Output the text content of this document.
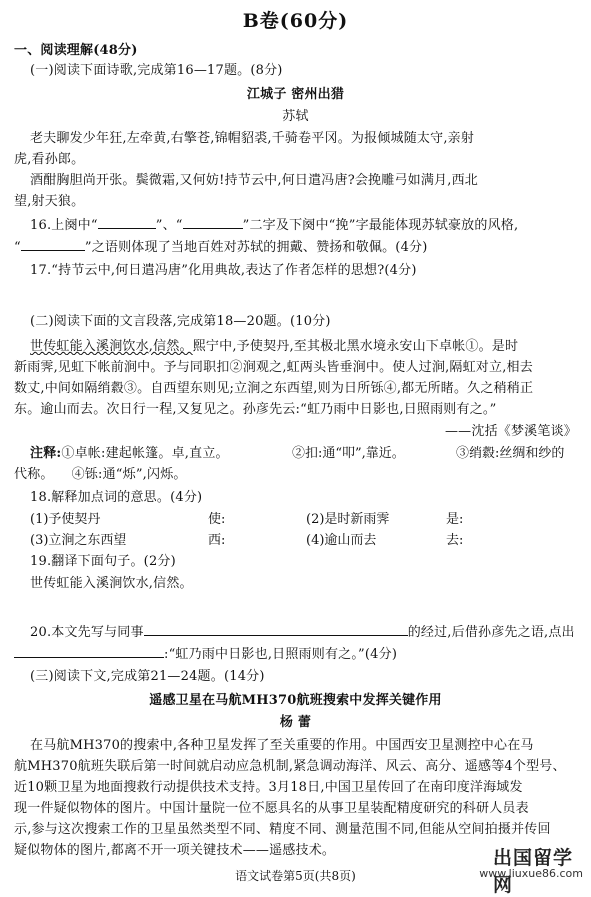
B卷(60分)
一、阅读理解(48分)
(一)阅读下面诗歌,完成第16—17题。(8分)
江城子 密州出猎
苏轼
老夫聊发少年狂,左牵黄,右擎苍,锦帽貂裘,千骑卷平冈。为报倾城随太守,亲射
虎,看孙郎。
酒酣胸胆尚开张。鬓微霜,又何妨!持节云中,何日遣冯唐?会挽雕弓如满月,西北
望,射天狼。
16.上阕中“	”、“	”二字及下阕中“挽”字最能体现苏轼豪放的风格,
“	”之语则体现了当地百姓对苏轼的拥戴、赞扬和敬佩。(4分)
17.“持节云中,何日遣冯唐”化用典故,表达了作者怎样的思想?(4分)
(二)阅读下面的文言段落,完成第18—20题。(10分)
世传虹能入溪涧饮水,信然。熙宁中,予使契丹,至其极北黑水境永安山下卓帐①。是时
新雨霁,见虹下帐前涧中。予与同职扣②涧观之,虹两头皆垂涧中。使人过涧,隔虹对立,相去
数丈,中间如隔绡縠③。自西望东则见;立涧之东西望,则为日所铄④,都无所睹。久之稍稍正
东。逾山而去。次日行一程,又复见之。孙彦先云:“虹乃雨中日影也,日照雨则有之。”
——沈括《梦溪笔谈》
注释:①卓帐:建起帐篷。卓,直立。	②扣:通“叩”,靠近。	③绡縠:丝绸和纱的
代称。 ④铄:通“烁”,闪烁。
18.解释加点词的意思。(4分)
(1)予使契丹	使:	(2)是时新雨霁	是:
(3)立涧之东西望	西:	(4)逾山而去	去:
19.翻译下面句子。(2分)
世传虹能入溪涧饮水,信然。
20.本文先写与同事	的经过,后借孙彦先之语,点出
:“虹乃雨中日影也,日照雨则有之。”(4分)
(三)阅读下文,完成第21—24题。(14分)
遥感卫星在马航MH370航班搜索中发挥关键作用
杨 蕾
在马航MH370的搜索中,各种卫星发挥了至关重要的作用。中国西安卫星测控中心在马
航MH370航班失联后第一时间就启动应急机制,紧急调动海洋、风云、高分、遥感等4个型号、
近10颗卫星为地面搜救行动提供技术支持。3月18日,中国卫星传回了在南印度洋海域发
现一件疑似物体的图片。中国计量院一位不愿具名的从事卫星装配精度研究的科研人员表
示,参与这次搜索工作的卫星虽然类型不同、精度不同、测量范围不同,但能从空间拍摄并传回
疑似物体的图片,都离不开一项关键技术——遥感技术。
语文试卷第5页(共8页)
出国留学网
www.liuxue86.com
